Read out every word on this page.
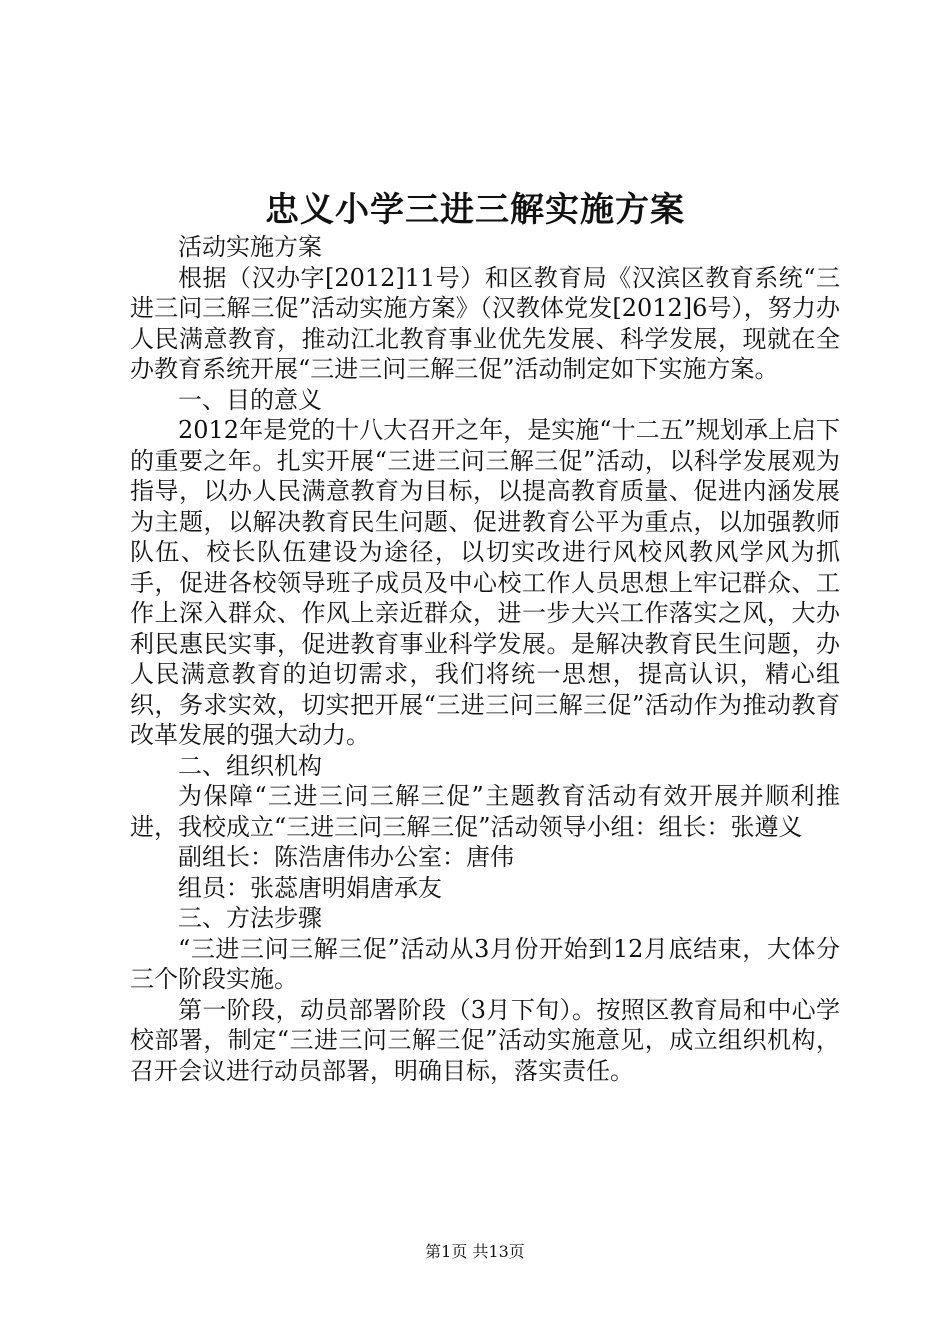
忠义小学三进三解实施方案

活动实施方案

根据（汉办字[2012]11号）和区教育局《汉滨区教育系统“三进三问三解三促”活动实施方案》（汉教体党发[2012]6号），努力办人民满意教育，推动江北教育事业优先发展、科学发展，现就在全办教育系统开展“三进三问三解三促”活动制定如下实施方案。

一、目的意义

2012年是党的十八大召开之年，是实施“十二五”规划承上启下的重要之年。扎实开展“三进三问三解三促”活动，以科学发展观为指导，以办人民满意教育为目标，以提高教育质量、促进内涵发展为主题，以解决教育民生问题、促进教育公平为重点，以加强教师队伍、校长队伍建设为途径，以切实改进行风校风教风学风为抓手，促进各校领导班子成员及中心校工作人员思想上牢记群众、工作上深入群众、作风上亲近群众，进一步大兴工作落实之风，大办利民惠民实事，促进教育事业科学发展。是解决教育民生问题，办人民满意教育的迫切需求，我们将统一思想，提高认识，精心组织，务求实效，切实把开展“三进三问三解三促”活动作为推动教育改革发展的强大动力。

二、组织机构

为保障“三进三问三解三促”主题教育活动有效开展并顺利推进，我校成立“三进三问三解三促”活动领导小组：组长：张遵义

副组长：陈浩唐伟办公室：唐伟

组员：张蕊唐明娟唐承友

三、方法步骤

“三进三问三解三促”活动从3月份开始到12月底结束，大体分三个阶段实施。

第一阶段，动员部署阶段（3月下旬）。按照区教育局和中心学校部署，制定“三进三问三解三促”活动实施意见，成立组织机构，召开会议进行动员部署，明确目标，落实责任。

第1页 共13页
